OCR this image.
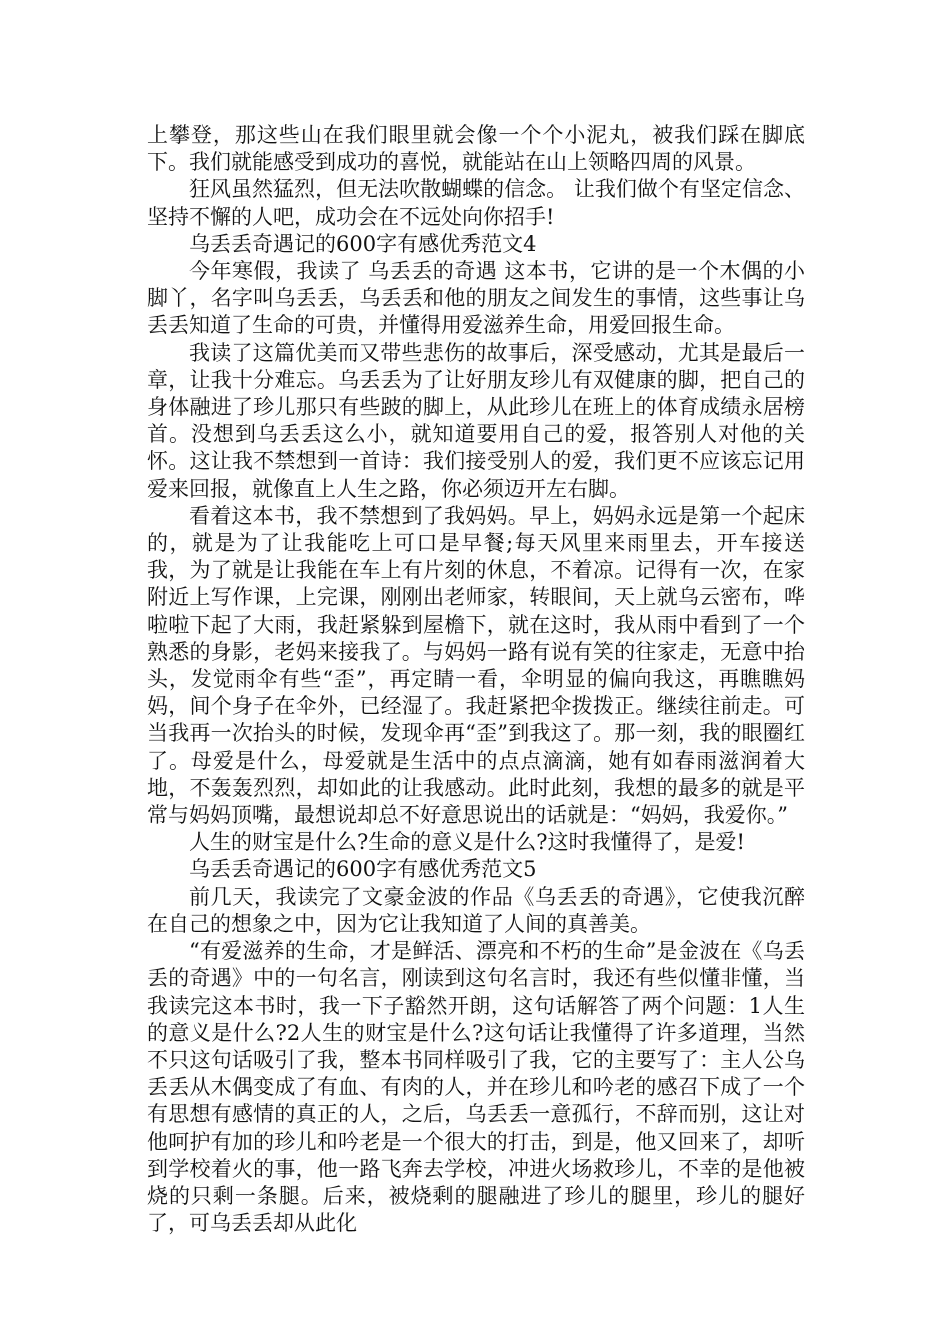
上攀登，那这些山在我们眼里就会像一个个小泥丸，被我们踩在脚底下。我们就能感受到成功的喜悦，就能站在山上领略四周的风景。

狂风虽然猛烈，但无法吹散蝴蝶的信念。 让我们做个有坚定信念、坚持不懈的人吧，成功会在不远处向你招手!

乌丢丢奇遇记的600字有感优秀范文4

今年寒假，我读了 乌丢丢的奇遇 这本书，它讲的是一个木偶的小脚丫，名字叫乌丢丢，乌丢丢和他的朋友之间发生的事情，这些事让乌丢丢知道了生命的可贵，并懂得用爱滋养生命，用爱回报生命。

我读了这篇优美而又带些悲伤的故事后，深受感动，尤其是最后一章，让我十分难忘。乌丢丢为了让好朋友珍儿有双健康的脚，把自己的身体融进了珍儿那只有些跛的脚上，从此珍儿在班上的体育成绩永居榜首。没想到乌丢丢这么小，就知道要用自己的爱，报答别人对他的关怀。这让我不禁想到一首诗：我们接受别人的爱，我们更不应该忘记用爱来回报，就像直上人生之路，你必须迈开左右脚。

看着这本书，我不禁想到了我妈妈。早上，妈妈永远是第一个起床的，就是为了让我能吃上可口是早餐;每天风里来雨里去，开车接送我，为了就是让我能在车上有片刻的休息，不着凉。记得有一次，在家附近上写作课，上完课，刚刚出老师家，转眼间，天上就乌云密布，哗啦啦下起了大雨，我赶紧躲到屋檐下，就在这时，我从雨中看到了一个熟悉的身影，老妈来接我了。与妈妈一路有说有笑的往家走，无意中抬头，发觉雨伞有些“歪”，再定睛一看，伞明显的偏向我这，再瞧瞧妈妈，间个身子在伞外，已经湿了。我赶紧把伞拨拨正。继续往前走。可当我再一次抬头的时候，发现伞再“歪”到我这了。那一刻，我的眼圈红了。母爱是什么，母爱就是生活中的点点滴滴，她有如春雨滋润着大地，不轰轰烈烈，却如此的让我感动。此时此刻，我想的最多的就是平常与妈妈顶嘴，最想说却总不好意思说出的话就是：“妈妈，我爱你。”

人生的财宝是什么?生命的意义是什么?这时我懂得了，是爱!

乌丢丢奇遇记的600字有感优秀范文5

前几天，我读完了文豪金波的作品《乌丢丢的奇遇》，它使我沉醉在自己的想象之中，因为它让我知道了人间的真善美。

“有爱滋养的生命，才是鲜活、漂亮和不朽的生命”是金波在《乌丢丢的奇遇》中的一句名言，刚读到这句名言时，我还有些似懂非懂，当我读完这本书时，我一下子豁然开朗，这句话解答了两个问题：1人生的意义是什么?2人生的财宝是什么?这句话让我懂得了许多道理，当然不只这句话吸引了我，整本书同样吸引了我，它的主要写了：主人公乌丢丢从木偶变成了有血、有肉的人，并在珍儿和吟老的感召下成了一个有思想有感情的真正的人，之后，乌丢丢一意孤行，不辞而别，这让对他呵护有加的珍儿和吟老是一个很大的打击，到是，他又回来了，却听到学校着火的事，他一路飞奔去学校，冲进火场救珍儿，不幸的是他被烧的只剩一条腿。后来，被烧剩的腿融进了珍儿的腿里，珍儿的腿好了，可乌丢丢却从此化
